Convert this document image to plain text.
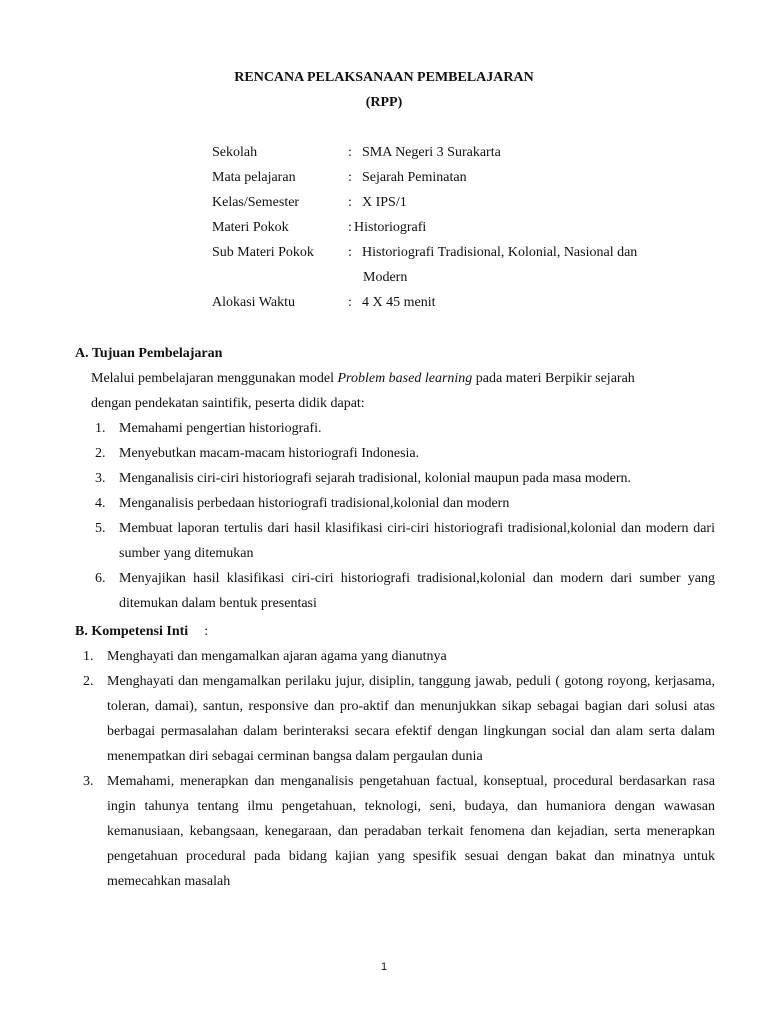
RENCANA PELAKSANAAN PEMBELAJARAN
(RPP)
Sekolah	: SMA Negeri 3 Surakarta
Mata pelajaran	: Sejarah Peminatan
Kelas/Semester	: X IPS/1
Materi Pokok	: Historiografi
Sub Materi Pokok	: Historiografi Tradisional, Kolonial, Nasional dan
Modern
Alokasi Waktu	: 4 X 45 menit
A. Tujuan Pembelajaran
Melalui pembelajaran menggunakan model Problem based learning pada materi Berpikir sejarah
dengan pendekatan saintifik, peserta didik dapat:
1. Memahami pengertian historiografi.
2. Menyebutkan macam-macam historiografi Indonesia.
3. Menganalisis ciri-ciri historiografi sejarah tradisional, kolonial maupun pada masa modern.
4. Menganalisis perbedaan historiografi tradisional,kolonial dan modern
5. Membuat laporan tertulis dari hasil klasifikasi ciri-ciri historiografi tradisional,kolonial dan modern dari sumber yang ditemukan
6. Menyajikan hasil klasifikasi ciri-ciri historiografi tradisional,kolonial dan modern dari sumber yang ditemukan dalam bentuk presentasi
B. Kompetensi Inti :
1. Menghayati dan mengamalkan ajaran agama yang dianutnya
2. Menghayati dan mengamalkan perilaku jujur, disiplin, tanggung jawab, peduli ( gotong royong, kerjasama, toleran, damai), santun, responsive dan pro-aktif dan menunjukkan sikap sebagai bagian dari solusi atas berbagai permasalahan dalam berinteraksi secara efektif dengan lingkungan social dan alam serta dalam menempatkan diri sebagai cerminan bangsa dalam pergaulan dunia
3. Memahami, menerapkan dan menganalisis pengetahuan factual, konseptual, procedural berdasarkan rasa ingin tahunya tentang ilmu pengetahuan, teknologi, seni, budaya, dan humaniora dengan wawasan kemanusiaan, kebangsaan, kenegaraan, dan peradaban terkait fenomena dan kejadian, serta menerapkan pengetahuan procedural pada bidang kajian yang spesifik sesuai dengan bakat dan minatnya untuk memecahkan masalah
1
